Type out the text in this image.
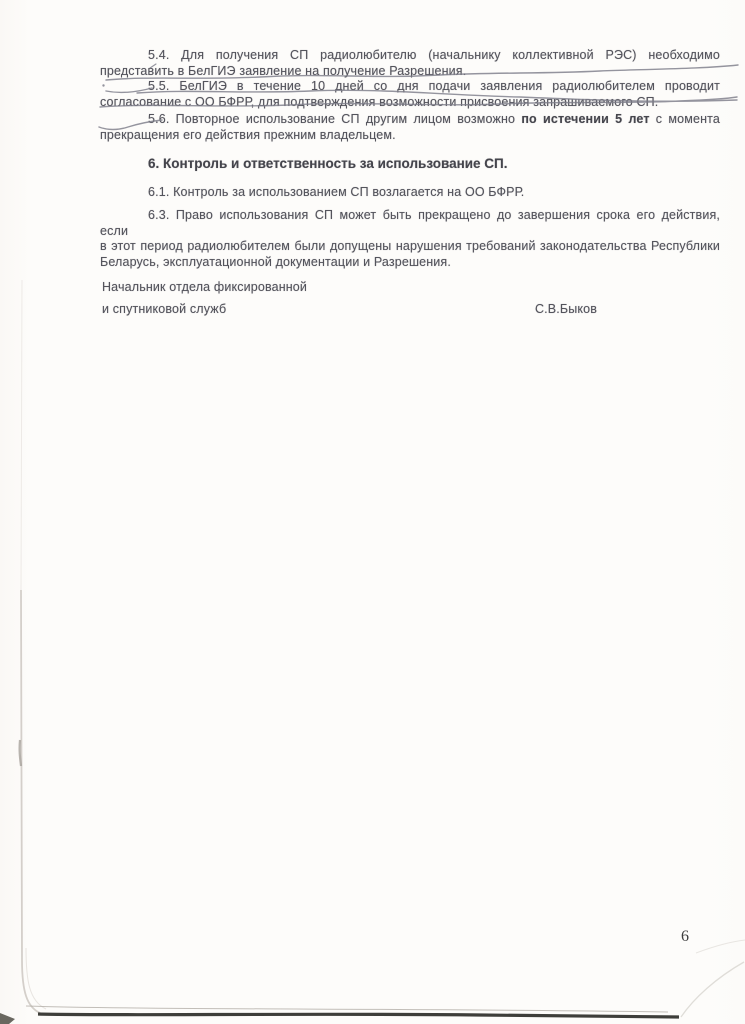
5.4. Для получения СП радиолюбителю (начальнику коллективной РЭС) необходимо
представить в БелГИЭ заявление на получение Разрешения.
5.5. БелГИЭ в течение 10 дней со дня подачи заявления радиолюбителем проводит
согласование с ОО БФРР, для подтверждения возможности присвоения запрашиваемого СП.
5.6. Повторное использование СП другим лицом возможно по истечении 5 лет с момента
прекращения его действия прежним владельцем.
6. Контроль и ответственность за использование СП.
6.1. Контроль за использованием СП возлагается на ОО БФРР.
6.3. Право использования СП может быть прекращено до завершения срока его действия, если
в этот период радиолюбителем были допущены нарушения требований законодательства Республики
Беларусь, эксплуатационной документации и Разрешения.
Начальник отдела фиксированной
и спутниковой служб	С.В.Быков
6
